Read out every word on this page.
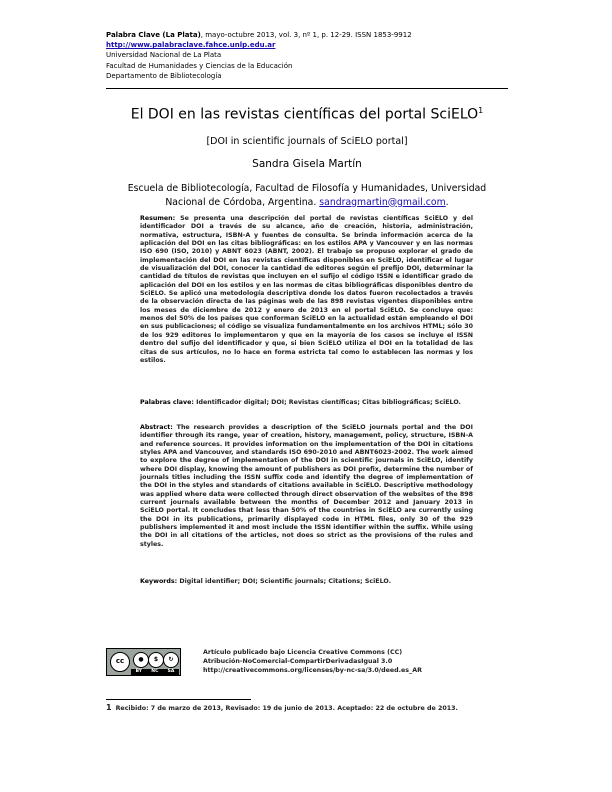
Palabra Clave (La Plata), mayo-octubre 2013, vol. 3, nº 1, p. 12-29. ISSN 1853-9912
http://www.palabraclave.fahce.unlp.edu.ar
Universidad Nacional de La Plata
Facultad de Humanidades y Ciencias de la Educación
Departamento de Bibliotecología
El DOI en las revistas científicas del portal SciELO$^1$
[DOI in scientific journals of SciELO portal]
Sandra Gisela Martín
Escuela de Bibliotecología, Facultad de Filosofía y Humanidades, Universidad
Nacional de Córdoba, Argentina. sandragmartin@gmail.com.
Resumen: Se presenta una descripción del portal de revistas científicas SciELO y del identificador DOI a través de su alcance, año de creación, historia, administración, normativa, estructura, ISBN-A y fuentes de consulta. Se brinda información acerca de la aplicación del DOI en las citas bibliográficas: en los estilos APA y Vancouver y en las normas ISO 690 (ISO, 2010) y ABNT 6023 (ABNT, 2002). El trabajo se propuso explorar el grado de implementación del DOI en las revistas científicas disponibles en SciELO, identificar el lugar de visualización del DOI, conocer la cantidad de editores según el prefijo DOI, determinar la cantidad de títulos de revistas que incluyen en el sufijo el código ISSN e identificar grado de aplicación del DOI en los estilos y en las normas de citas bibliográficas disponibles dentro de SciELO. Se aplicó una metodología descriptiva donde los datos fueron recolectados a través de la observación directa de las páginas web de las 898 revistas vigentes disponibles entre los meses de diciembre de 2012 y enero de 2013 en el portal SciELO. Se concluye que: menos del 50% de los países que conforman SciELO en la actualidad están empleando el DOI en sus publicaciones; el código se visualiza fundamentalmente en los archivos HTML; sólo 30 de los 929 editores lo implementaron y que en la mayoría de los casos se incluye el ISSN dentro del sufijo del identificador y que, si bien SciELO utiliza el DOI en la totalidad de las citas de sus artículos, no lo hace en forma estricta tal como lo establecen las normas y los estilos.
Palabras clave: Identificador digital; DOI; Revistas científicas; Citas bibliográficas; SciELO.
Abstract: The research provides a description of the SciELO journals portal and the DOI identifier through its range, year of creation, history, management, policy, structure, ISBN-A and reference sources. It provides information on the implementation of the DOI in citations styles APA and Vancouver, and standards ISO 690-2010 and ABNT6023-2002. The work aimed to explore the degree of implementation of the DOI in scientific journals in SciELO, identify where DOI display, knowing the amount of publishers as DOI prefix, determine the number of journals titles including the ISSN suffix code and identify the degree of implementation of the DOI in the styles and standards of citations available in SciELO. Descriptive methodology was applied where data were collected through direct observation of the websites of the 898 current journals available between the months of December 2012 and January 2013 in SciELO portal. It concludes that less than 50% of the countries in SciELO are currently using the DOI in its publications, primarily displayed code in HTML files, only 30 of the 929 publishers implemented it and most include the ISSN identifier within the suffix. While using the DOI in all citations of the articles, not does so strict as the provisions of the rules and styles.
Keywords: Digital identifier; DOI; Scientific journals; Citations; SciELO.
cc	●	$	↻
BY NC SA
Artículo publicado bajo Licencia Creative Commons (CC)
Atribución-NoComercial-CompartirDerivadasIgual 3.0
http://creativecommons.org/licenses/by-nc-sa/3.0/deed.es_AR
$^1$ Recibido: 7 de marzo de 2013, Revisado: 19 de junio de 2013. Aceptado: 22 de octubre de 2013.
